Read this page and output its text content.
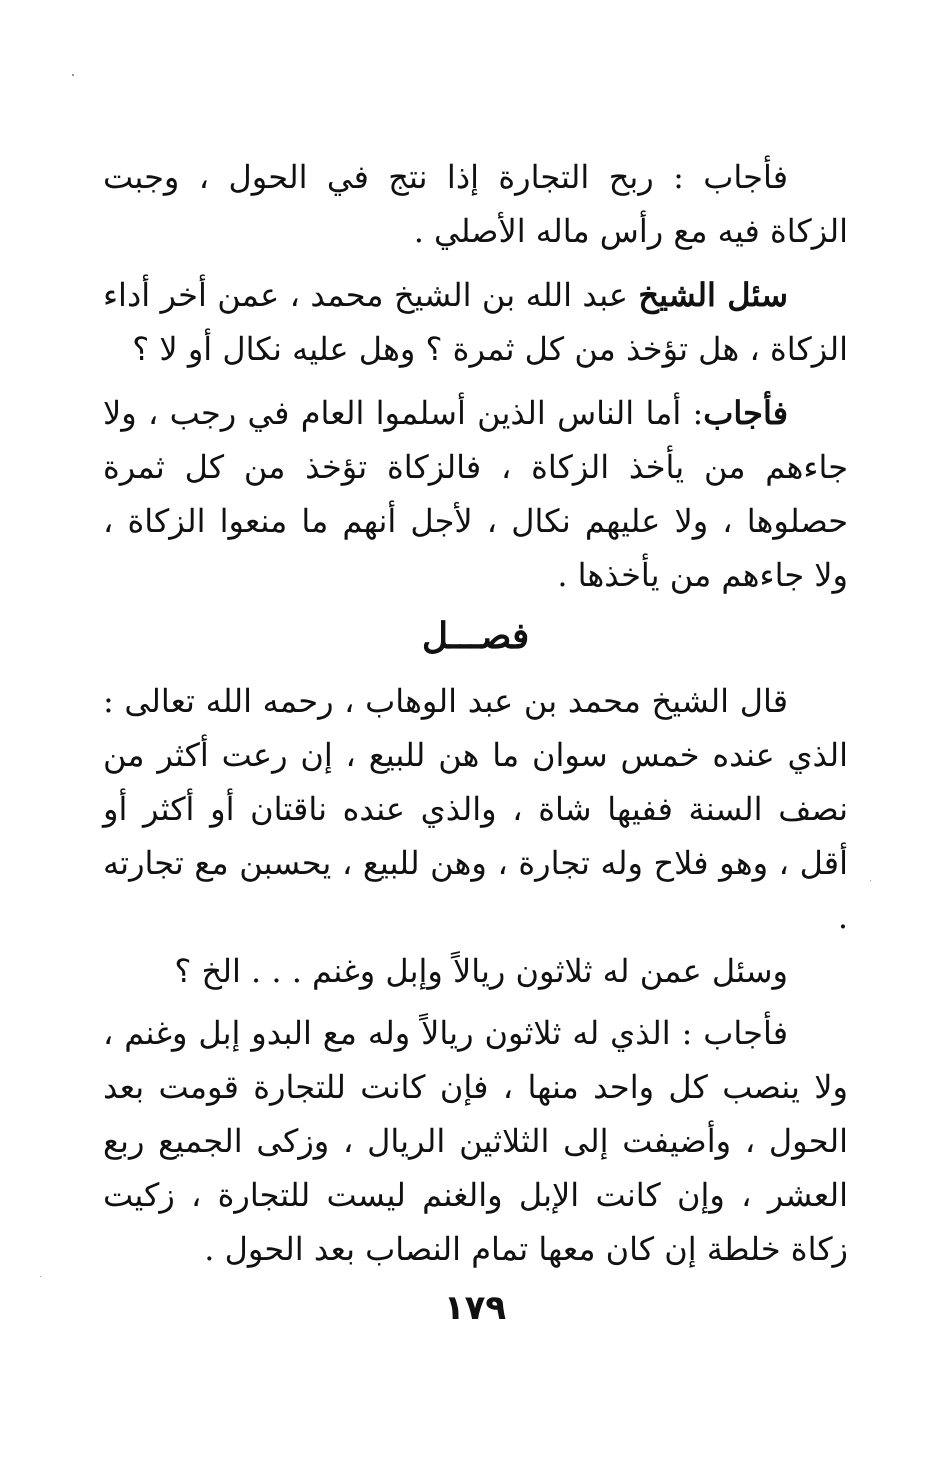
فأجاب : ربح التجارة إذا نتج في الحول ، وجبت الزكاة فيه مع رأس ماله الأصلي .

سئل الشيخ عبد الله بن الشيخ محمد ، عمن أخر أداء الزكاة ، هل تؤخذ من كل ثمرة ؟ وهل عليه نكال أو لا ؟

فأجاب: أما الناس الذين أسلموا العام في رجب ، ولا جاءهم من يأخذ الزكاة ، فالزكاة تؤخذ من كل ثمرة حصلوها ، ولا عليهم نكال ، لأجل أنهم ما منعوا الزكاة ، ولا جاءهم من يأخذها .

فصـــل

قال الشيخ محمد بن عبد الوهاب ، رحمه الله تعالى : الذي عنده خمس سوان ما هن للبيع ، إن رعت أكثر من نصف السنة ففيها شاة ، والذي عنده ناقتان أو أكثر أو أقل ، وهو فلاح وله تجارة ، وهن للبيع ، يحسبن مع تجارته .

وسئل عمن له ثلاثون ريالاً وإبل وغنم . . . الخ ؟

فأجاب : الذي له ثلاثون ريالاً وله مع البدو إبل وغنم ، ولا ينصب كل واحد منها ، فإن كانت للتجارة قومت بعد الحول ، وأضيفت إلى الثلاثين الريال ، وزكى الجميع ربع العشر ، وإن كانت الإبل والغنم ليست للتجارة ، زكيت زكاة خلطة إن كان معها تمام النصاب بعد الحول .

١٧٩
